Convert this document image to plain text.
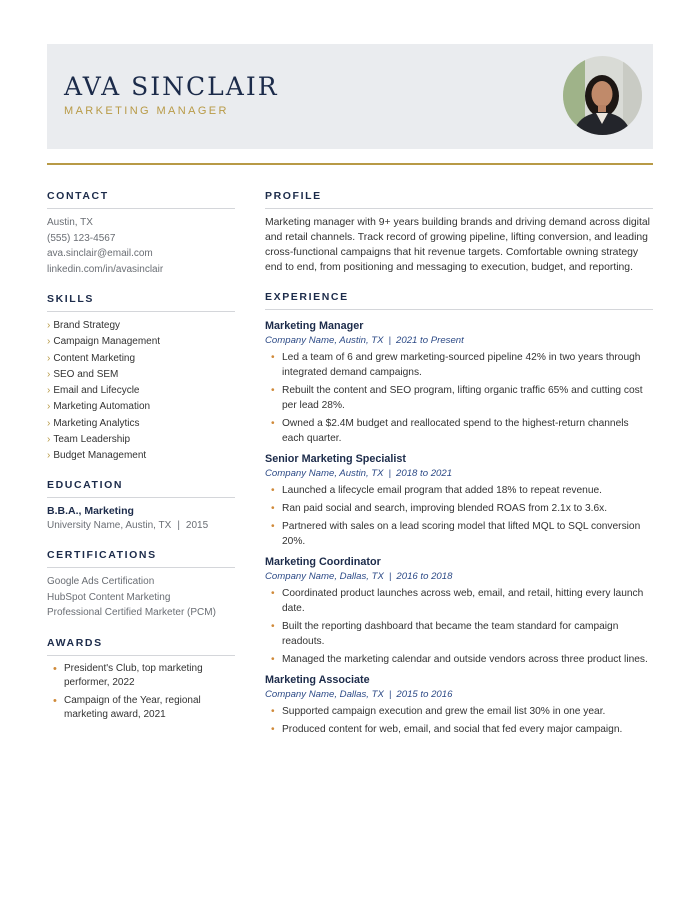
AVA SINCLAIR
MARKETING MANAGER
CONTACT
Austin, TX
(555) 123-4567
ava.sinclair@email.com
linkedin.com/in/avasinclair
SKILLS
› Brand Strategy
› Campaign Management
› Content Marketing
› SEO and SEM
› Email and Lifecycle
› Marketing Automation
› Marketing Analytics
› Team Leadership
› Budget Management
EDUCATION
B.B.A., Marketing
University Name, Austin, TX | 2015
CERTIFICATIONS
Google Ads Certification
HubSpot Content Marketing
Professional Certified Marketer (PCM)
AWARDS
• President's Club, top marketing performer, 2022
• Campaign of the Year, regional marketing award, 2021
PROFILE

Marketing manager with 9+ years building brands and driving demand across digital and retail channels. Track record of growing pipeline, lifting conversion, and leading cross-functional campaigns that hit revenue targets. Comfortable owning strategy end to end, from positioning and messaging to execution, budget, and reporting.

EXPERIENCE
Marketing Manager
Company Name, Austin, TX | 2021 to Present
• Led a team of 6 and grew marketing-sourced pipeline 42% in two years through integrated demand campaigns.
• Rebuilt the content and SEO program, lifting organic traffic 65% and cutting cost per lead 28%.
• Owned a $2.4M budget and reallocated spend to the highest-return channels each quarter.
Senior Marketing Specialist
Company Name, Austin, TX | 2018 to 2021
• Launched a lifecycle email program that added 18% to repeat revenue.
• Ran paid social and search, improving blended ROAS from 2.1x to 3.6x.
• Partnered with sales on a lead scoring model that lifted MQL to SQL conversion 20%.
Marketing Coordinator
Company Name, Dallas, TX | 2016 to 2018
• Coordinated product launches across web, email, and retail, hitting every launch date.
• Built the reporting dashboard that became the team standard for campaign readouts.
• Managed the marketing calendar and outside vendors across three product lines.
Marketing Associate
Company Name, Dallas, TX | 2015 to 2016
• Supported campaign execution and grew the email list 30% in one year.
• Produced content for web, email, and social that fed every major campaign.
